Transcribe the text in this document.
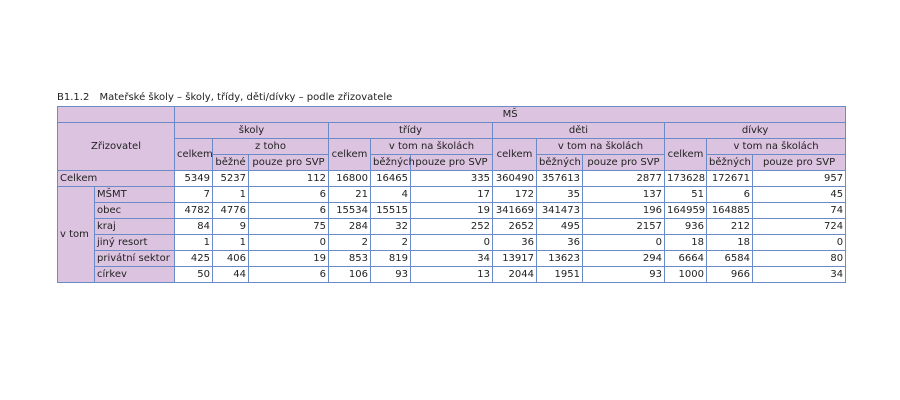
B1.1.2 Mateřské školy – školy, třídy, děti/dívky – podle zřizovatele
		MŠ											
Zřizovatel		školy			třídy			děti			dívky		
		celkem	z toho		celkem	v tom na školách		celkem	v tom na školách		celkem	v tom na školách	
			běžné	pouze pro SVP		běžných	pouze pro SVP		běžných	pouze pro SVP		běžných	pouze pro SVP
Celkem		5349	5237	112	16800	16465	335	360490	357613	2877	173628	172671	957
v tom	MŠMT	7	1	6	21	4	17	172	35	137	51	6	45
	obec	4782	4776	6	15534	15515	19	341669	341473	196	164959	164885	74
	kraj	84	9	75	284	32	252	2652	495	2157	936	212	724
	jiný resort	1	1	0	2	2	0	36	36	0	18	18	0
	privátní sektor	425	406	19	853	819	34	13917	13623	294	6664	6584	80
	církev	50	44	6	106	93	13	2044	1951	93	1000	966	34
